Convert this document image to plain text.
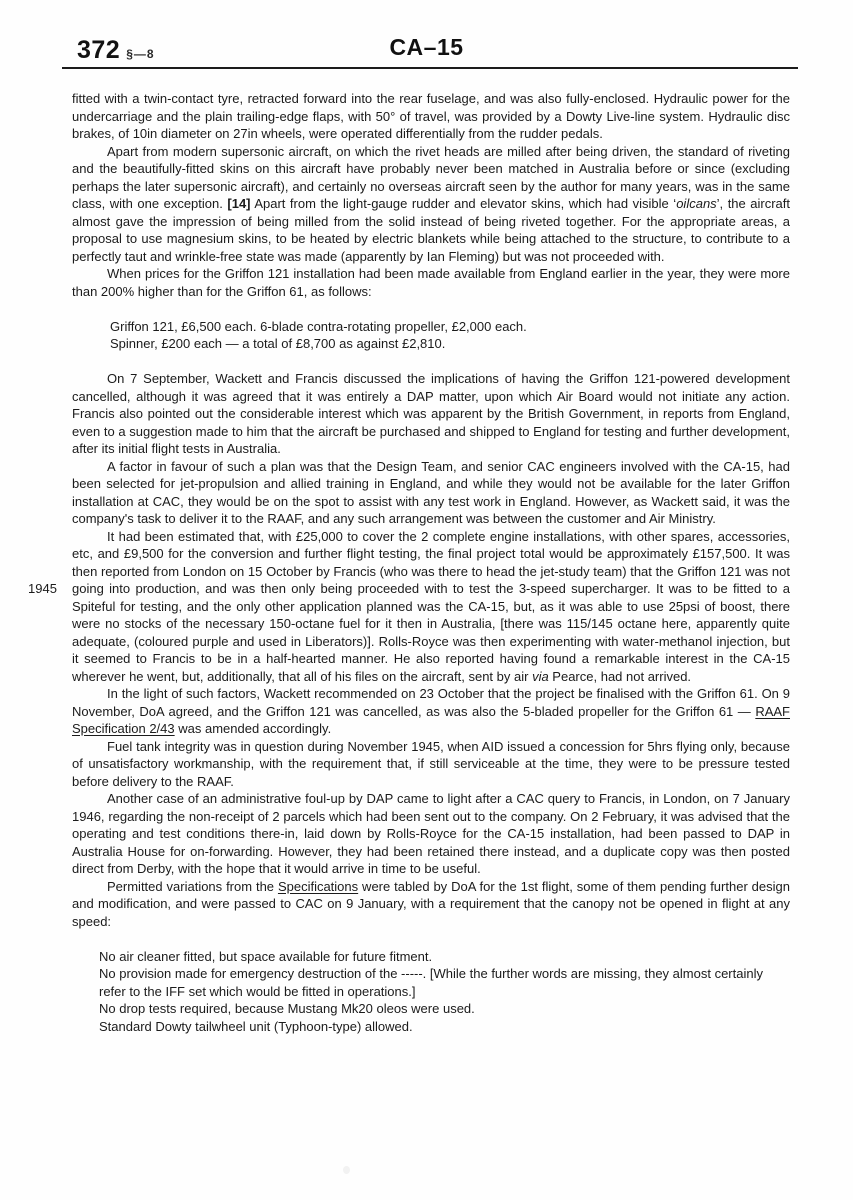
372 §—8	CA–15
1945

fitted with a twin-contact tyre, retracted forward into the rear fuselage, and was also fully-enclosed. Hydraulic power for the undercarriage and the plain trailing-edge flaps, with 50° of travel, was provided by a Dowty Live-line system. Hydraulic disc brakes, of 10in diameter on 27in wheels, were operated differentially from the rudder pedals.

Apart from modern supersonic aircraft, on which the rivet heads are milled after being driven, the standard of riveting and the beautifully-fitted skins on this aircraft have probably never been matched in Australia before or since (excluding perhaps the later supersonic aircraft), and certainly no overseas aircraft seen by the author for many years, was in the same class, with one exception. [14] Apart from the light-gauge rudder and elevator skins, which had visible ‘oilcans’, the aircraft almost gave the impression of being milled from the solid instead of being riveted together. For the appropriate areas, a proposal to use magnesium skins, to be heated by electric blankets while being attached to the structure, to contribute to a perfectly taut and wrinkle-free state was made (apparently by Ian Fleming) but was not proceeded with.

When prices for the Griffon 121 installation had been made available from England earlier in the year, they were more than 200% higher than for the Griffon 61, as follows:

Griffon 121, £6,500 each. 6-blade contra-rotating propeller, £2,000 each.

Spinner, £200 each — a total of £8,700 as against £2,810.

On 7 September, Wackett and Francis discussed the implications of having the Griffon 121-powered development cancelled, although it was agreed that it was entirely a DAP matter, upon which Air Board would not initiate any action. Francis also pointed out the considerable interest which was apparent by the British Government, in reports from England, even to a suggestion made to him that the aircraft be purchased and shipped to England for testing and further development, after its initial flight tests in Australia.

A factor in favour of such a plan was that the Design Team, and senior CAC engineers involved with the CA-15, had been selected for jet-propulsion and allied training in England, and while they would not be available for the later Griffon installation at CAC, they would be on the spot to assist with any test work in England. However, as Wackett said, it was the company's task to deliver it to the RAAF, and any such arrangement was between the customer and Air Ministry.

It had been estimated that, with £25,000 to cover the 2 complete engine installations, with other spares, accessories, etc, and £9,500 for the conversion and further flight testing, the final project total would be approximately £157,500. It was then reported from London on 15 October by Francis (who was there to head the jet-study team) that the Griffon 121 was not going into production, and was then only being proceeded with to test the 3-speed supercharger. It was to be fitted to a Spiteful for testing, and the only other application planned was the CA-15, but, as it was able to use 25psi of boost, there were no stocks of the necessary 150-octane fuel for it then in Australia, [there was 115/145 octane here, apparently quite adequate, (coloured purple and used in Liberators)]. Rolls-Royce was then experimenting with water-methanol injection, but it seemed to Francis to be in a half-hearted manner. He also reported having found a remarkable interest in the CA-15 wherever he went, but, additionally, that all of his files on the aircraft, sent by air via Pearce, had not arrived.

In the light of such factors, Wackett recommended on 23 October that the project be finalised with the Griffon 61. On 9 November, DoA agreed, and the Griffon 121 was cancelled, as was also the 5-bladed propeller for the Griffon 61 — RAAF Specification 2/43 was amended accordingly.

Fuel tank integrity was in question during November 1945, when AID issued a concession for 5hrs flying only, because of unsatisfactory workmanship, with the requirement that, if still serviceable at the time, they were to be pressure tested before delivery to the RAAF.

Another case of an administrative foul-up by DAP came to light after a CAC query to Francis, in London, on 7 January 1946, regarding the non-receipt of 2 parcels which had been sent out to the company. On 2 February, it was advised that the operating and test conditions there-in, laid down by Rolls-Royce for the CA-15 installation, had been passed to DAP in Australia House for on-forwarding. However, they had been retained there instead, and a duplicate copy was then posted direct from Derby, with the hope that it would arrive in time to be useful.

Permitted variations from the Specifications were tabled by DoA for the 1st flight, some of them pending further design and modification, and were passed to CAC on 9 January, with a requirement that the canopy not be opened in flight at any speed:

No air cleaner fitted, but space available for future fitment.

No provision made for emergency destruction of the -----. [While the further words are missing, they almost certainly refer to the IFF set which would be fitted in operations.]

No drop tests required, because Mustang Mk20 oleos were used.

Standard Dowty tailwheel unit (Typhoon-type) allowed.
